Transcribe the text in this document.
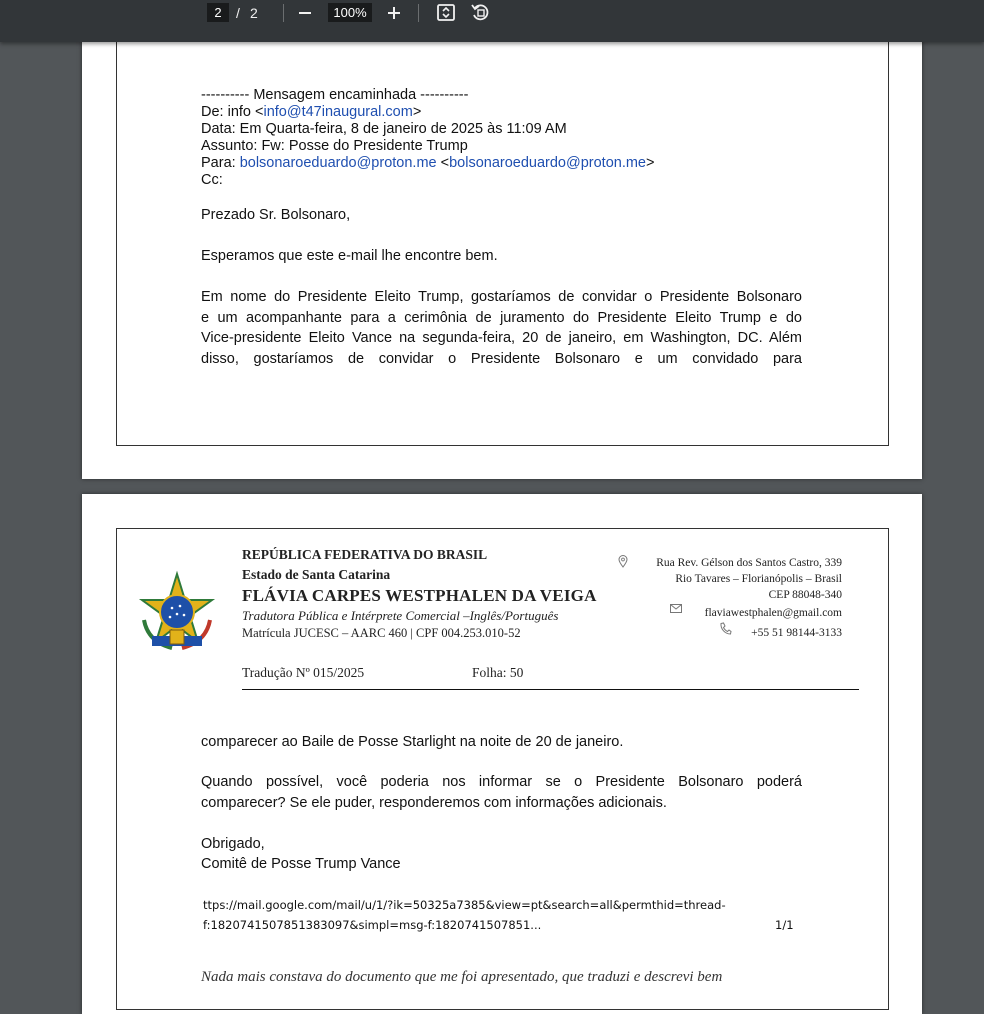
2
/ 2	100%
---------- Mensagem encaminhada ----------
De: info <info@t47inaugural.com>
Data: Em Quarta-feira, 8 de janeiro de 2025 às 11:09 AM
Assunto: Fw: Posse do Presidente Trump
Para: bolsonaroeduardo@proton.me <bolsonaroeduardo@proton.me>
Cc:
Prezado Sr. Bolsonaro,
Esperamos que este e-mail lhe encontre bem.
Em nome do Presidente Eleito Trump, gostaríamos de convidar o Presidente Bolsonaro
e um acompanhante para a cerimônia de juramento do Presidente Eleito Trump e do
Vice-presidente Eleito Vance na segunda-feira, 20 de janeiro, em Washington, DC. Além
disso, gostaríamos de convidar o Presidente Bolsonaro e um convidado para
REPÚBLICA FEDERATIVA DO BRASIL
Estado de Santa Catarina
FLÁVIA CARPES WESTPHALEN DA VEIGA
Tradutora Pública e Intérprete Comercial –Inglês/Português
Matrícula JUCESC – AARC 460 | CPF 004.253.010-52
Rua Rev. Gélson dos Santos Castro, 339
Rio Tavares – Florianópolis – Brasil
CEP 88048-340
flaviawestphalen@gmail.com
+55 51 98144-3133
Tradução Nº 015/2025	Folha: 50
comparecer ao Baile de Posse Starlight na noite de 20 de janeiro.
Quando possível, você poderia nos informar se o Presidente Bolsonaro poderá
comparecer? Se ele puder, responderemos com informações adicionais.
Obrigado,
Comitê de Posse Trump Vance
ttps://mail.google.com/mail/u/1/?ik=50325a7385&view=pt&search=all&permthid=thread-
f:1820741507851383097&simpl=msg-f:1820741507851...	1/1
Nada mais constava do documento que me foi apresentado, que traduzi e descrevi bem
